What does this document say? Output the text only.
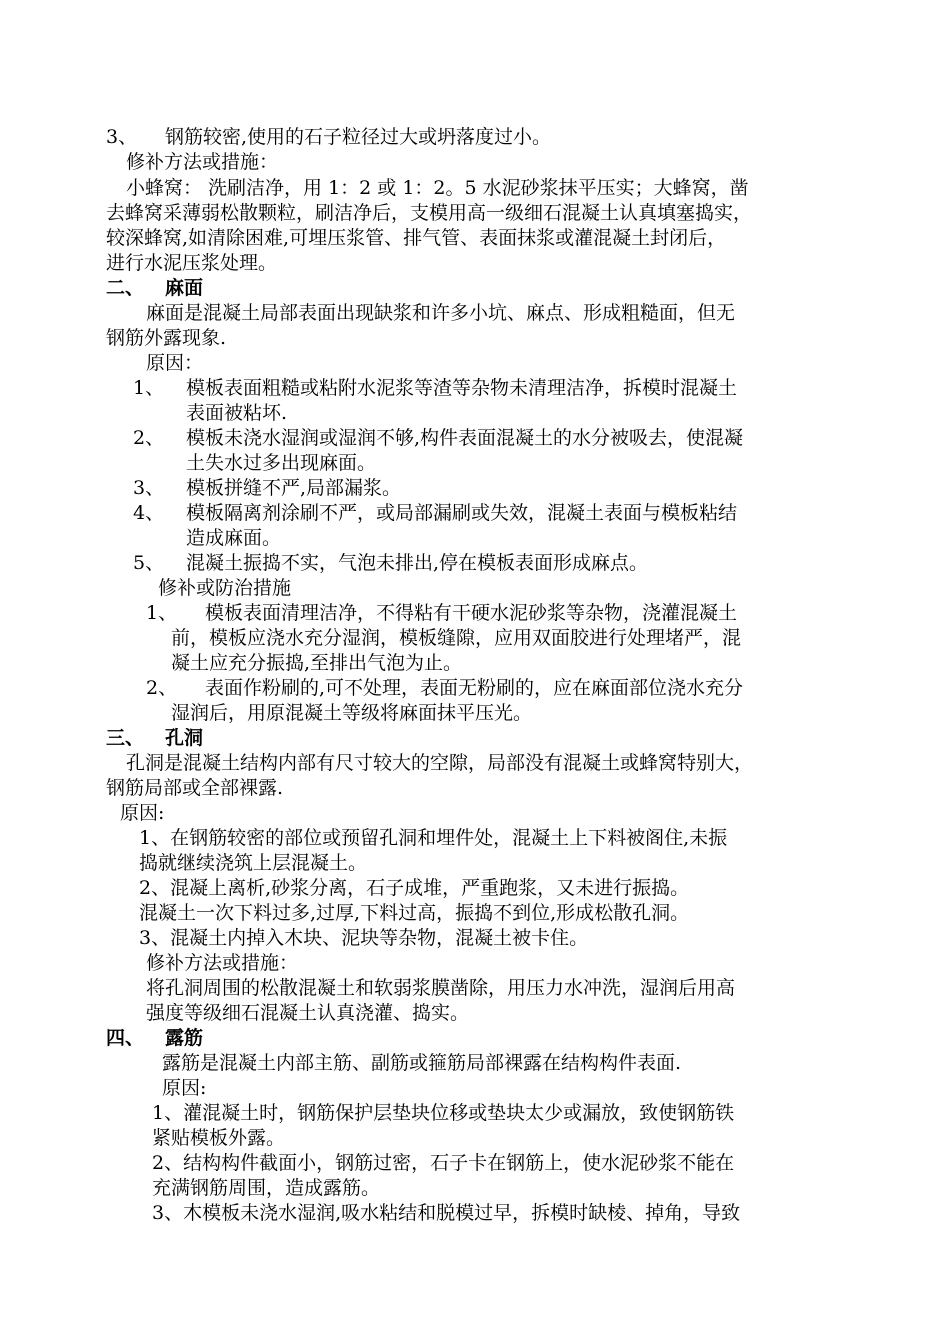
3、 钢筋较密,使用的石子粒径过大或坍落度过小。
修补方法或措施：
小蜂窝： 洗刷洁净，用 1：2 或 1：2。5 水泥砂浆抹平压实；大蜂窝，凿
去蜂窝采薄弱松散颗粒，刷洁净后，支模用高一级细石混凝土认真填塞捣实，
较深蜂窝,如清除困难,可埋压浆管、排气管、表面抹浆或灌混凝土封闭后，
进行水泥压浆处理。
二、 麻面
麻面是混凝土局部表面出现缺浆和许多小坑、麻点、形成粗糙面，但无
钢筋外露现象.
原因：
1、 模板表面粗糙或粘附水泥浆等渣等杂物未清理洁净，拆模时混凝土
表面被粘坏.
2、 模板未浇水湿润或湿润不够,构件表面混凝土的水分被吸去，使混凝
土失水过多出现麻面。
3、 模板拼缝不严,局部漏浆。
4、 模板隔离剂涂刷不严，或局部漏刷或失效，混凝土表面与模板粘结
造成麻面。
5、 混凝土振捣不实，气泡未排出,停在模板表面形成麻点。
修补或防治措施
1、 模板表面清理洁净，不得粘有干硬水泥砂浆等杂物，浇灌混凝土
前，模板应浇水充分湿润，模板缝隙，应用双面胶进行处理堵严，混
凝土应充分振捣,至排出气泡为止。
2、 表面作粉刷的,可不处理，表面无粉刷的，应在麻面部位浇水充分
湿润后，用原混凝土等级将麻面抹平压光。
三、 孔洞
孔洞是混凝土结构内部有尺寸较大的空隙，局部没有混凝土或蜂窝特别大，
钢筋局部或全部裸露.
原因:
1、在钢筋较密的部位或预留孔洞和埋件处，混凝土上下料被阁住,未振
捣就继续浇筑上层混凝土。
2、混凝上离析,砂浆分离，石子成堆，严重跑浆，又未进行振捣。
混凝土一次下料过多,过厚,下料过高，振捣不到位,形成松散孔洞。
3、混凝土内掉入木块、泥块等杂物，混凝土被卡住。
修补方法或措施：
将孔洞周围的松散混凝土和软弱浆膜凿除，用压力水冲洗，湿润后用高
强度等级细石混凝土认真浇灌、捣实。
四、 露筋
露筋是混凝土内部主筋、副筋或箍筋局部裸露在结构构件表面.
原因:
1、灌混凝土时，钢筋保护层垫块位移或垫块太少或漏放，致使钢筋铁
紧贴模板外露。
2、结构构件截面小，钢筋过密，石子卡在钢筋上，使水泥砂浆不能在
充满钢筋周围，造成露筋。
3、木模板未浇水湿润,吸水粘结和脱模过早，拆模时缺棱、掉角，导致
